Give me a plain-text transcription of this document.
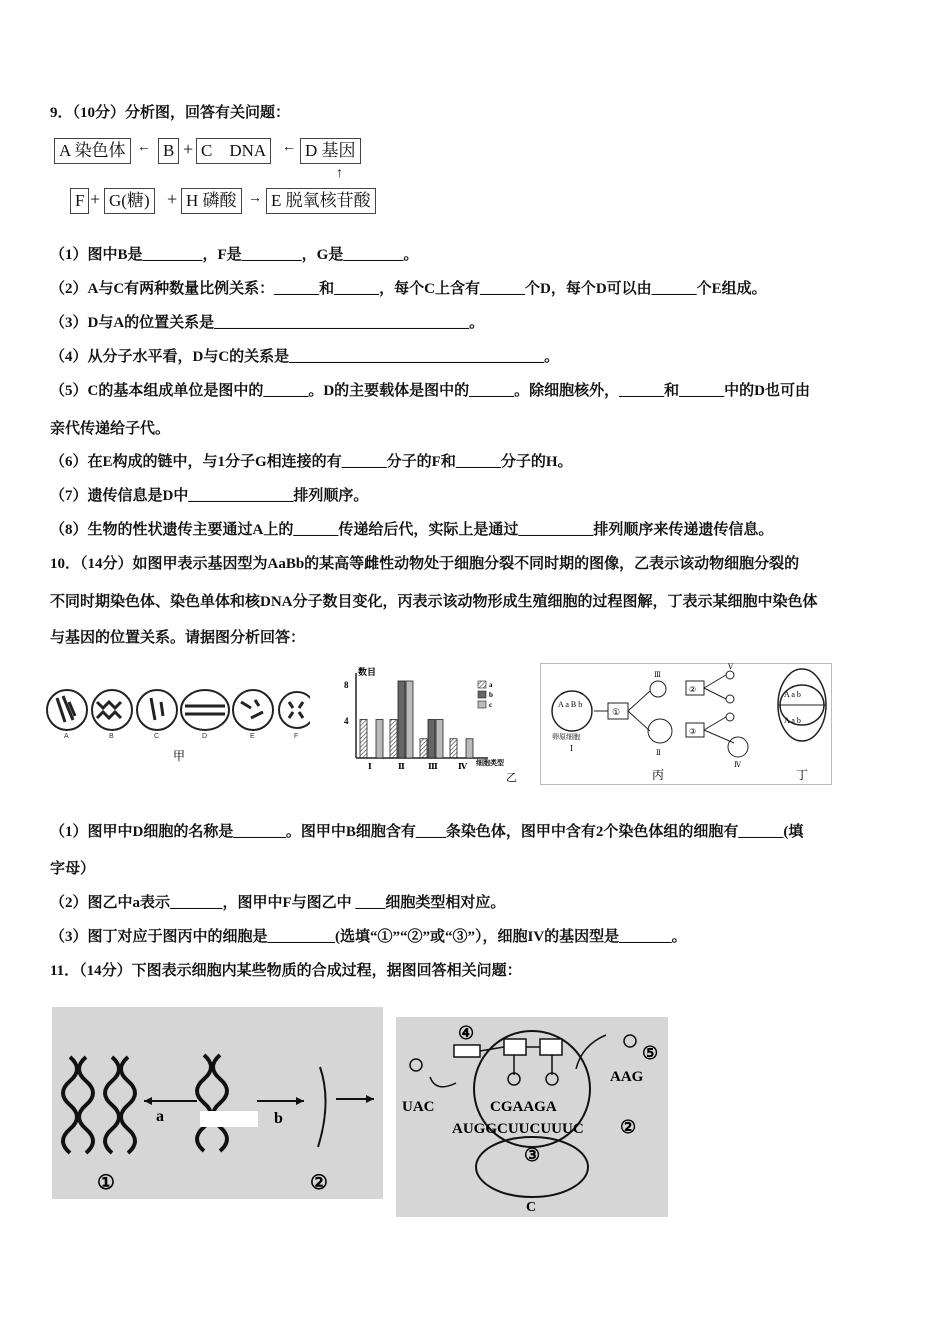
9．（10分）分析图，回答有关问题：
A 染色体 ← B + C　DNA	← D 基因
↑
F + G(糖) + H 磷酸 → E 脱氧核苷酸
（1）图中B是________，F是________，G是________。
（2）A与C有两种数量比例关系：______和______，每个C上含有______个D，每个D可以由______个E组成。
（3）D与A的位置关系是__________________________________。
（4）从分子水平看，D与C的关系是__________________________________。
（5）C的基本组成单位是图中的______。D的主要载体是图中的______。除细胞核外，______和______中的D也可由
亲代传递给子代。
（6）在E构成的链中，与1分子G相连接的有______分子的F和______分子的H。
（7）遗传信息是D中______________排列顺序。
（8）生物的性状遗传主要通过A上的______传递给后代，实际上是通过__________排列顺序来传递遗传信息。
10．（14分）如图甲表示基因型为AaBb的某高等雌性动物处于细胞分裂不同时期的图像，乙表示该动物细胞分裂的
不同时期染色体、染色单体和核DNA分子数目变化，丙表示该动物形成生殖细胞的过程图解，丁表示某细胞中染色体
与基因的位置关系。请据图分析回答：
A	B	C	D	E	F
甲
数目
8
4
Ⅰ	Ⅱ	Ⅲ	Ⅳ 细胞类型
a
b
c
乙
A a B b
卵原细胞
Ⅰ
①
Ⅲ
Ⅱ
②
③
Ⅴ
Ⅳ
丙
A a b
A a b
丁
（1）图甲中D细胞的名称是_______。图甲中B细胞含有____条染色体，图甲中含有2个染色体组的细胞有______(填
字母）
（2）图乙中a表示_______，图甲中F与图乙中 ____细胞类型相对应。
（3）图丁对应于图丙中的细胞是_________(选填“①”“②”或“③”），细胞IV的基因型是_______。
11．（14分）下图表示细胞内某些物质的合成过程，据图回答相关问题：
a	b
①	②
④
⑤
UAC
AAG
CGAAGA
AUGGCUUCUUUC ②
③
C
